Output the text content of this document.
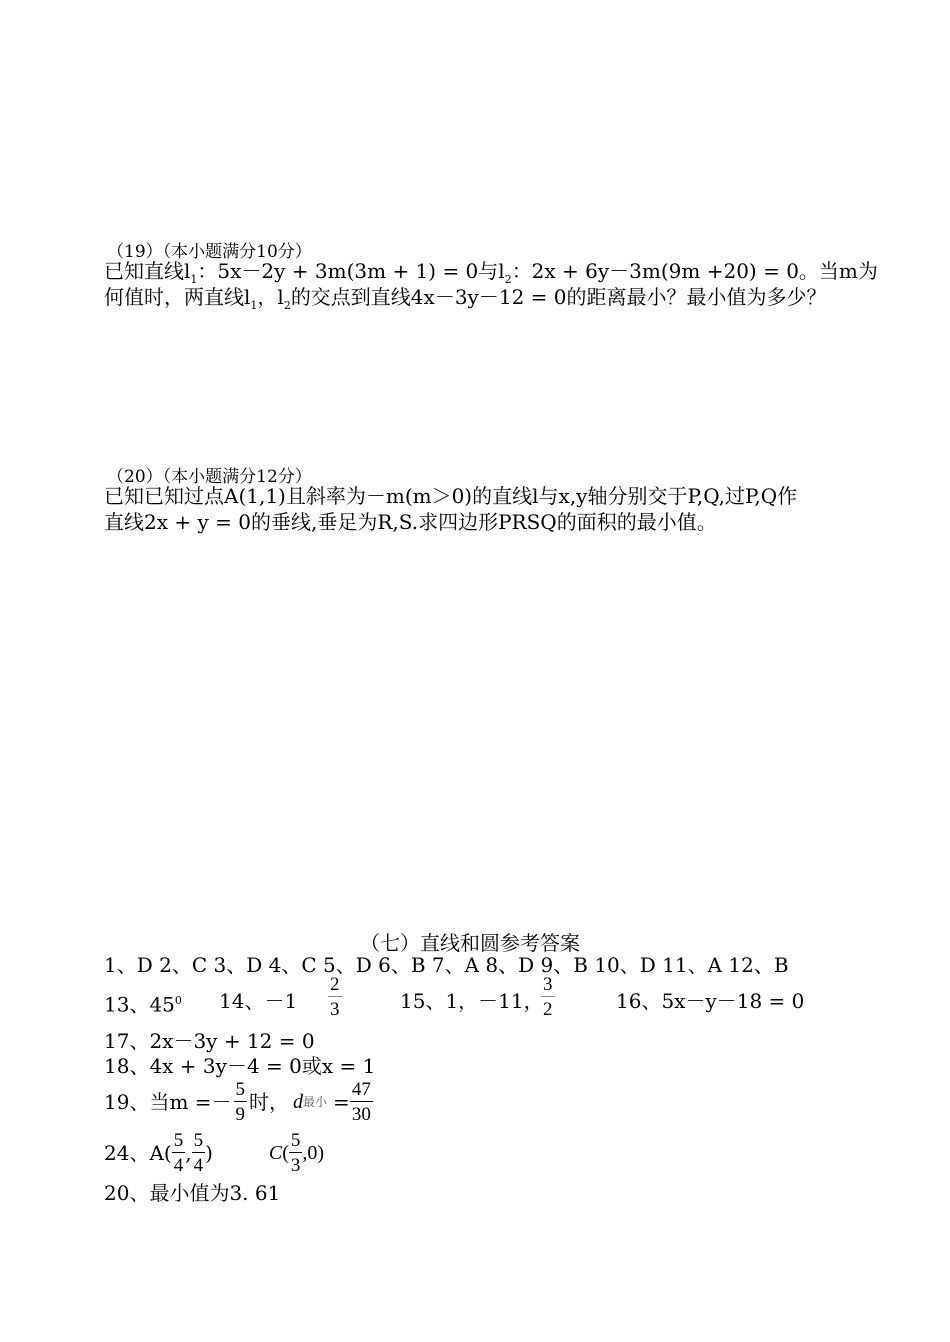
（19）（本小题满分10分）
已知直线$l_1$：5x－2y + 3m(3m + 1) = 0与$l_2$：2x + 6y－3m(9m +20) = 0。当m为
何值时，两直线$l_1$，$l_2$的交点到直线4x－3y－12 = 0的距离最小？最小值为多少？
（20）（本小题满分12分）
已知已知过点A(1,1)且斜率为－m(m＞0)的直线l与x,y轴分别交于P,Q,过P,Q作
直线2x + y = 0的垂线,垂足为R,S.求四边形PRSQ的面积的最小值。
（七）直线和圆参考答案
1、D 2、C 3、D 4、C 5、D 6、B 7、A 8、D 9、B 10、D 11、A 12、B
13、$45^0$ 14、$-1 \frac{2}{3}$	15、1，－11，
$\frac{3}{2}$	16、5x－y－18 = 0
17、2x－3y + 12 = 0
18、4x + 3y－4 = 0或x = 1
19、当$m =- \frac{5}{9}$ 时， d 最小 = $\frac{47}{30}$
24、$A( \frac{5}{4}$ , $\frac{5}{4}$ )	C ( $\frac{5}{3} ,0$)
20、最小值为3. 61
